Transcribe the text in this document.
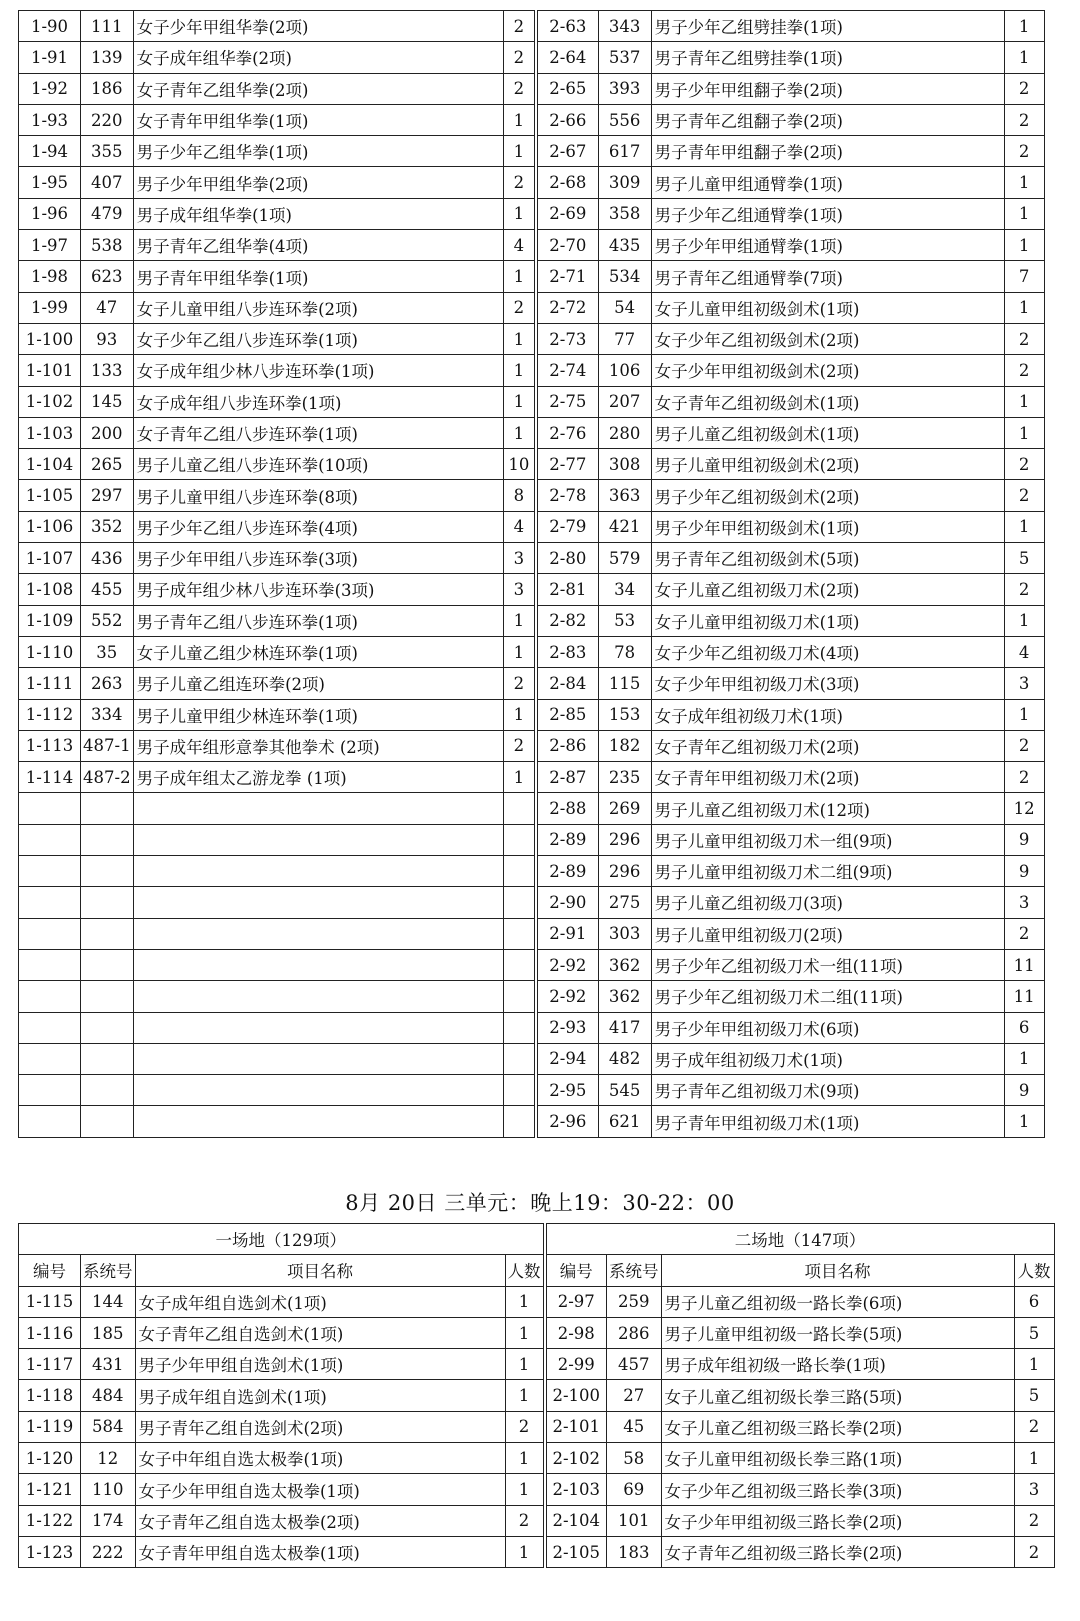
1-90	111	女子少年甲组华拳(2项)	2	2-63	343	男子少年乙组劈挂拳(1项)	1
1-91	139	女子成年组华拳(2项)	2	2-64	537	男子青年乙组劈挂拳(1项)	1
1-92	186	女子青年乙组华拳(2项)	2	2-65	393	男子少年甲组翻子拳(2项)	2
1-93	220	女子青年甲组华拳(1项)	1	2-66	556	男子青年乙组翻子拳(2项)	2
1-94	355	男子少年乙组华拳(1项)	1	2-67	617	男子青年甲组翻子拳(2项)	2
1-95	407	男子少年甲组华拳(2项)	2	2-68	309	男子儿童甲组通臂拳(1项)	1
1-96	479	男子成年组华拳(1项)	1	2-69	358	男子少年乙组通臂拳(1项)	1
1-97	538	男子青年乙组华拳(4项)	4	2-70	435	男子少年甲组通臂拳(1项)	1
1-98	623	男子青年甲组华拳(1项)	1	2-71	534	男子青年乙组通臂拳(7项)	7
1-99	47	女子儿童甲组八步连环拳(2项)	2	2-72	54	女子儿童甲组初级剑术(1项)	1
1-100	93	女子少年乙组八步连环拳(1项)	1	2-73	77	女子少年乙组初级剑术(2项)	2
1-101	133	女子成年组少林八步连环拳(1项)	1	2-74	106	女子少年甲组初级剑术(2项)	2
1-102	145	女子成年组八步连环拳(1项)	1	2-75	207	女子青年乙组初级剑术(1项)	1
1-103	200	女子青年乙组八步连环拳(1项)	1	2-76	280	男子儿童乙组初级剑术(1项)	1
1-104	265	男子儿童乙组八步连环拳(10项)	10	2-77	308	男子儿童甲组初级剑术(2项)	2
1-105	297	男子儿童甲组八步连环拳(8项)	8	2-78	363	男子少年乙组初级剑术(2项)	2
1-106	352	男子少年乙组八步连环拳(4项)	4	2-79	421	男子少年甲组初级剑术(1项)	1
1-107	436	男子少年甲组八步连环拳(3项)	3	2-80	579	男子青年乙组初级剑术(5项)	5
1-108	455	男子成年组少林八步连环拳(3项)	3	2-81	34	女子儿童乙组初级刀术(2项)	2
1-109	552	男子青年乙组八步连环拳(1项)	1	2-82	53	女子儿童甲组初级刀术(1项)	1
1-110	35	女子儿童乙组少林连环拳(1项)	1	2-83	78	女子少年乙组初级刀术(4项)	4
1-111	263	男子儿童乙组连环拳(2项)	2	2-84	115	女子少年甲组初级刀术(3项)	3
1-112	334	男子儿童甲组少林连环拳(1项)	1	2-85	153	女子成年组初级刀术(1项)	1
1-113	487-1	男子成年组形意拳其他拳术 (2项)	2	2-86	182	女子青年乙组初级刀术(2项)	2
1-114	487-2	男子成年组太乙游龙拳 (1项)	1	2-87	235	女子青年甲组初级刀术(2项)	2
				2-88	269	男子儿童乙组初级刀术(12项)	12
				2-89	296	男子儿童甲组初级刀术一组(9项)	9
				2-89	296	男子儿童甲组初级刀术二组(9项)	9
				2-90	275	男子儿童乙组初级刀(3项)	3
				2-91	303	男子儿童甲组初级刀(2项)	2
				2-92	362	男子少年乙组初级刀术一组(11项)	11
				2-92	362	男子少年乙组初级刀术二组(11项)	11
				2-93	417	男子少年甲组初级刀术(6项)	6
				2-94	482	男子成年组初级刀术(1项)	1
				2-95	545	男子青年乙组初级刀术(9项)	9
				2-96	621	男子青年甲组初级刀术(1项)	1
8月 20日 三单元：晚上19：30-22：00
一场地（129项）				二场地（147项）			
编号	系统号	项目名称	人数	编号	系统号	项目名称	人数
1-115	144	女子成年组自选剑术(1项)	1	2-97	259	男子儿童乙组初级一路长拳(6项)	6
1-116	185	女子青年乙组自选剑术(1项)	1	2-98	286	男子儿童甲组初级一路长拳(5项)	5
1-117	431	男子少年甲组自选剑术(1项)	1	2-99	457	男子成年组初级一路长拳(1项)	1
1-118	484	男子成年组自选剑术(1项)	1	2-100	27	女子儿童乙组初级长拳三路(5项)	5
1-119	584	男子青年乙组自选剑术(2项)	2	2-101	45	女子儿童乙组初级三路长拳(2项)	2
1-120	12	女子中年组自选太极拳(1项)	1	2-102	58	女子儿童甲组初级长拳三路(1项)	1
1-121	110	女子少年甲组自选太极拳(1项)	1	2-103	69	女子少年乙组初级三路长拳(3项)	3
1-122	174	女子青年乙组自选太极拳(2项)	2	2-104	101	女子少年甲组初级三路长拳(2项)	2
1-123	222	女子青年甲组自选太极拳(1项)	1	2-105	183	女子青年乙组初级三路长拳(2项)	2
